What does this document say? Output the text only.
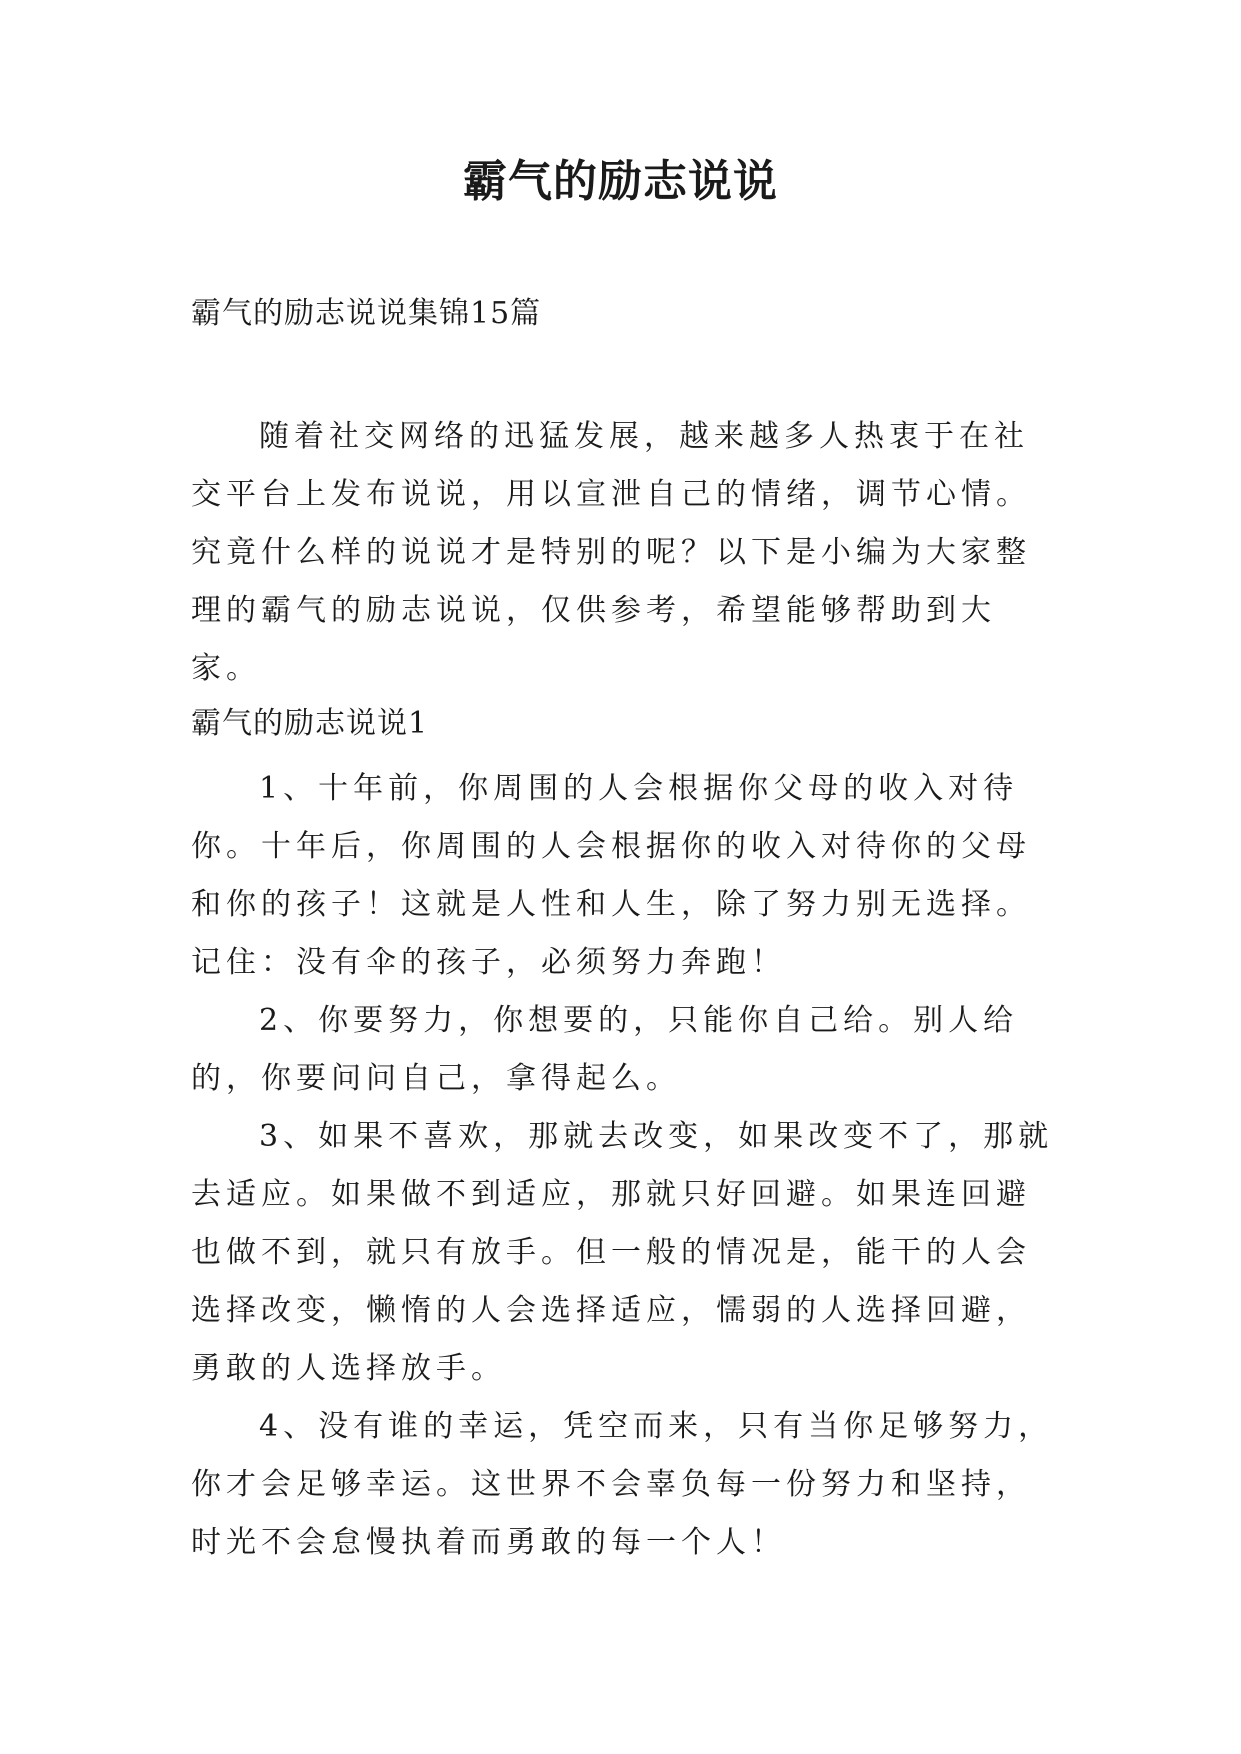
霸气的励志说说
霸气的励志说说集锦15篇

随着社交网络的迅猛发展，越来越多人热衷于在社交平台上发布说说，用以宣泄自己的情绪，调节心情。究竟什么样的说说才是特别的呢？以下是小编为大家整理的霸气的励志说说，仅供参考，希望能够帮助到大家。

霸气的励志说说1

1、十年前，你周围的人会根据你父母的收入对待你。十年后，你周围的人会根据你的收入对待你的父母和你的孩子！这就是人性和人生，除了努力别无选择。记住：没有伞的孩子，必须努力奔跑！

2、你要努力，你想要的，只能你自己给。别人给的，你要问问自己，拿得起么。

3、如果不喜欢，那就去改变，如果改变不了，那就去适应。如果做不到适应，那就只好回避。如果连回避也做不到，就只有放手。但一般的情况是，能干的人会选择改变，懒惰的人会选择适应，懦弱的人选择回避，勇敢的人选择放手。

4、没有谁的幸运，凭空而来，只有当你足够努力，你才会足够幸运。这世界不会辜负每一份努力和坚持，时光不会怠慢执着而勇敢的每一个人！
